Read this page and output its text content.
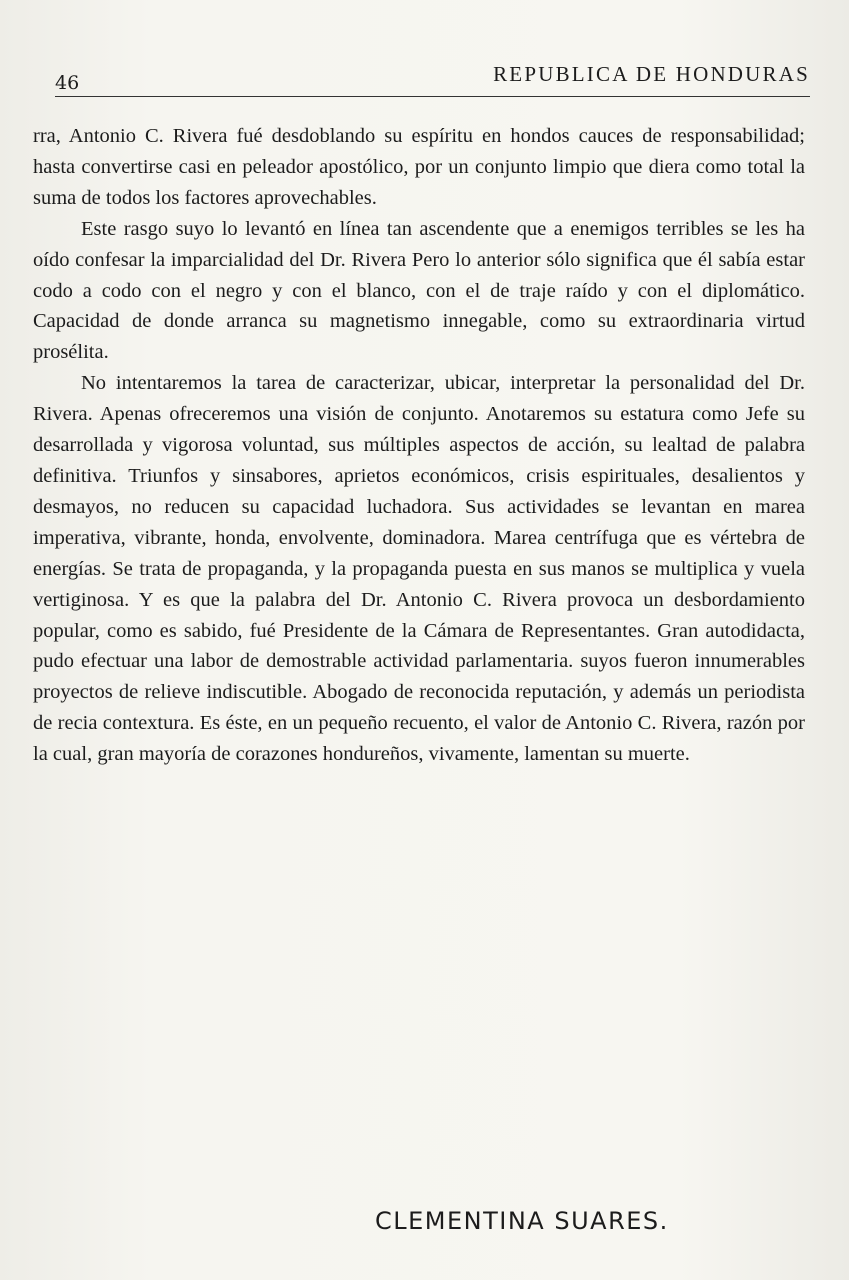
46	REPUBLICA DE HONDURAS

rra, Antonio C. Rivera fué desdoblando su espíritu en hondos cauces de responsabilidad; hasta convertirse casi en peleador apostólico, por un conjunto limpio que diera como total la suma de todos los factores aprovechables.

Este rasgo suyo lo levantó en línea tan ascendente que a enemigos terribles se les ha oído confesar la imparcialidad del Dr. Rivera Pero lo anterior sólo significa que él sabía estar codo a codo con el negro y con el blanco, con el de traje raído y con el diplomático. Capacidad de donde arranca su magnetismo innegable, como su extraordinaria virtud prosélita.

No intentaremos la tarea de caracterizar, ubicar, interpretar la personalidad del Dr. Rivera. Apenas ofreceremos una visión de conjunto. Anotaremos su estatura como Jefe su desarrollada y vigorosa voluntad, sus múltiples aspectos de acción, su lealtad de palabra definitiva. Triunfos y sinsabores, aprietos económicos, crisis espirituales, desalientos y desmayos, no reducen su capacidad luchadora. Sus actividades se levantan en marea imperativa, vibrante, honda, envolvente, dominadora. Marea centrífuga que es vértebra de energías. Se trata de propaganda, y la propaganda puesta en sus manos se multiplica y vuela vertiginosa. Y es que la palabra del Dr. Antonio C. Rivera provoca un desbordamiento popular, como es sabido, fué Presidente de la Cámara de Representantes. Gran autodidacta, pudo efectuar una labor de demostrable actividad parlamentaria. suyos fueron innumerables proyectos de relieve indiscutible. Abogado de reconocida reputación, y además un periodista de recia contextura. Es éste, en un pequeño recuento, el valor de Antonio C. Rivera, razón por la cual, gran mayoría de corazones hondureños, vivamente, lamentan su muerte.

CLEMENTINA SUARES.
